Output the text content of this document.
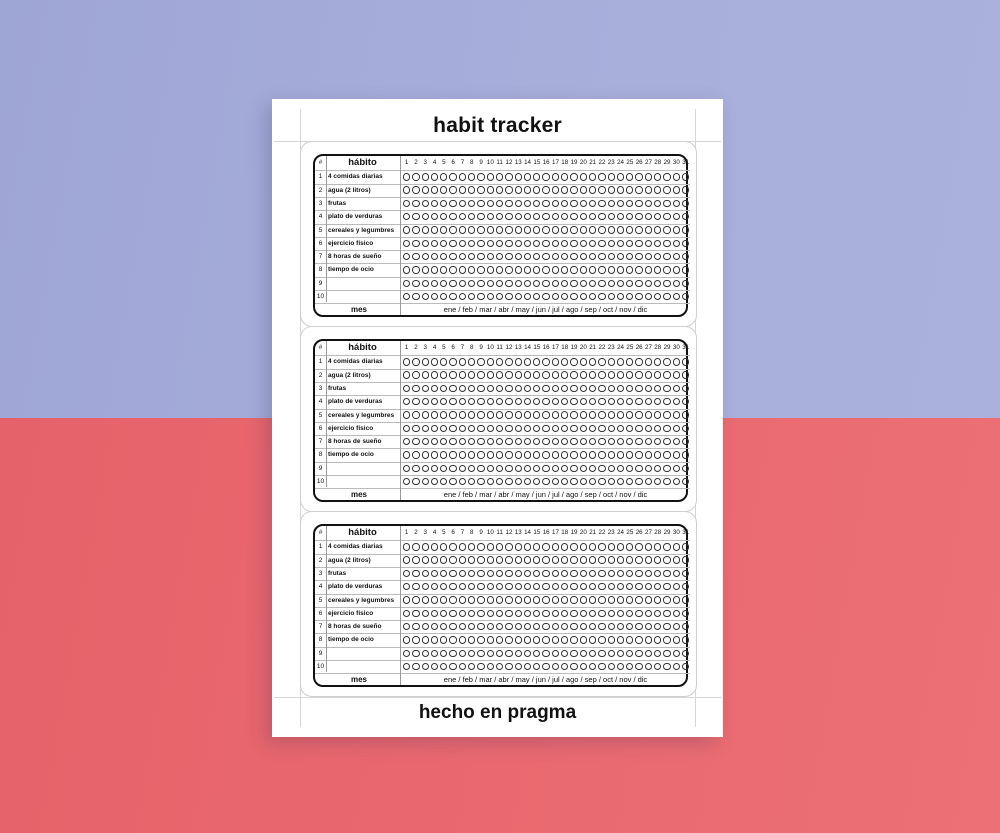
habit tracker
#	hábito	1 2 3 4 5 6 7 8 9 10 11 12 13 14 15 16 17 18 19 20 21 22 23 24 25 26 27 28 29 30 31
1 4 comidas diarias
2 agua (2 litros)
3 frutas
4 plato de verduras
5 cereales y legumbres
6 ejercicio físico
7 8 horas de sueño
8 tiempo de ocio
9
10
mes	ene / feb / mar / abr / may / jun / jul / ago / sep / oct / nov / dic
#	hábito	1 2 3 4 5 6 7 8 9 10 11 12 13 14 15 16 17 18 19 20 21 22 23 24 25 26 27 28 29 30 31
1 4 comidas diarias
2 agua (2 litros)
3 frutas
4 plato de verduras
5 cereales y legumbres
6 ejercicio físico
7 8 horas de sueño
8 tiempo de ocio
9
10
mes	ene / feb / mar / abr / may / jun / jul / ago / sep / oct / nov / dic
#	hábito	1 2 3 4 5 6 7 8 9 10 11 12 13 14 15 16 17 18 19 20 21 22 23 24 25 26 27 28 29 30 31
1 4 comidas diarias
2 agua (2 litros)
3 frutas
4 plato de verduras
5 cereales y legumbres
6 ejercicio físico
7 8 horas de sueño
8 tiempo de ocio
9
10
mes	ene / feb / mar / abr / may / jun / jul / ago / sep / oct / nov / dic
hecho en pragma
